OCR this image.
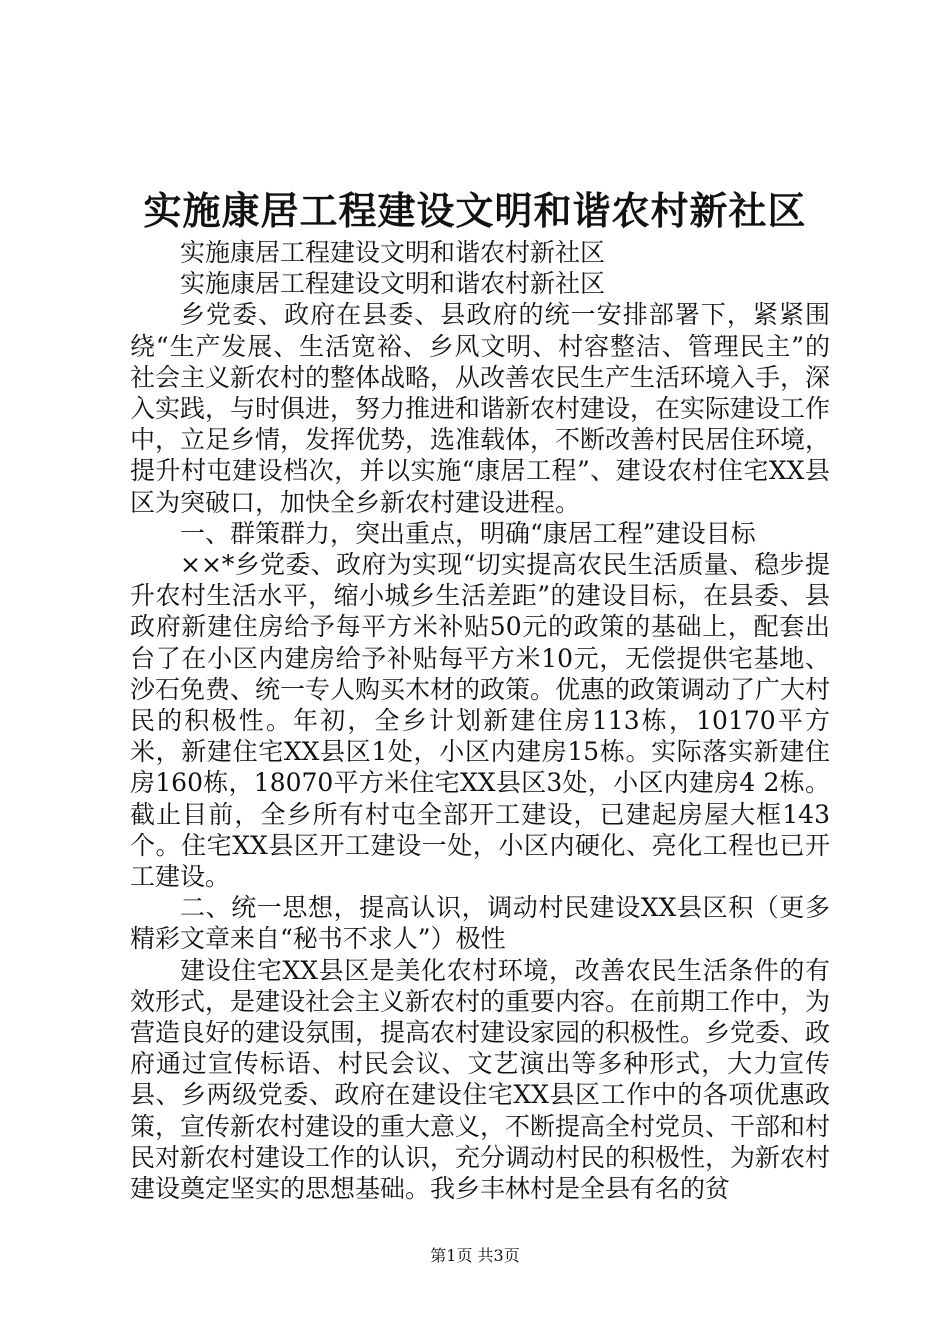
实施康居工程建设文明和谐农村新社区

实施康居工程建设文明和谐农村新社区

实施康居工程建设文明和谐农村新社区

乡党委、政府在县委、县政府的统一安排部署下，紧紧围绕“生产发展、生活宽裕、乡风文明、村容整洁、管理民主”的社会主义新农村的整体战略，从改善农民生产生活环境入手，深入实践，与时俱进，努力推进和谐新农村建设，在实际建设工作中，立足乡情，发挥优势，选准载体，不断改善村民居住环境，提升村屯建设档次，并以实施“康居工程”、建设农村住宅XX县区为突破口，加快全乡新农村建设进程。

一、群策群力，突出重点，明确“康居工程”建设目标

××*乡党委、政府为实现“切实提高农民生活质量、稳步提升农村生活水平，缩小城乡生活差距”的建设目标，在县委、县政府新建住房给予每平方米补贴50元的政策的基础上，配套出台了在小区内建房给予补贴每平方米10元，无偿提供宅基地、沙石免费、统一专人购买木材的政策。优惠的政策调动了广大村民的积极性。年初，全乡计划新建住房113栋，10170平方米，新建住宅XX县区1处，小区内建房15栋。实际落实新建住房160栋，18070平方米住宅XX县区3处，小区内建房4 2栋。截止目前，全乡所有村屯全部开工建设，已建起房屋大框143个。住宅XX县区开工建设一处，小区内硬化、亮化工程也已开工建设。

二、统一思想，提高认识，调动村民建设XX县区积（更多精彩文章来自“秘书不求人”）极性

建设住宅XX县区是美化农村环境，改善农民生活条件的有效形式，是建设社会主义新农村的重要内容。在前期工作中，为营造良好的建设氛围，提高农村建设家园的积极性。乡党委、政府通过宣传标语、村民会议、文艺演出等多种形式，大力宣传县、乡两级党委、政府在建设住宅XX县区工作中的各项优惠政策，宣传新农村建设的重大意义，不断提高全村党员、干部和村民对新农村建设工作的认识，充分调动村民的积极性，为新农村建设奠定坚实的思想基础。我乡丰林村是全县有名的贫

第1页 共3页
